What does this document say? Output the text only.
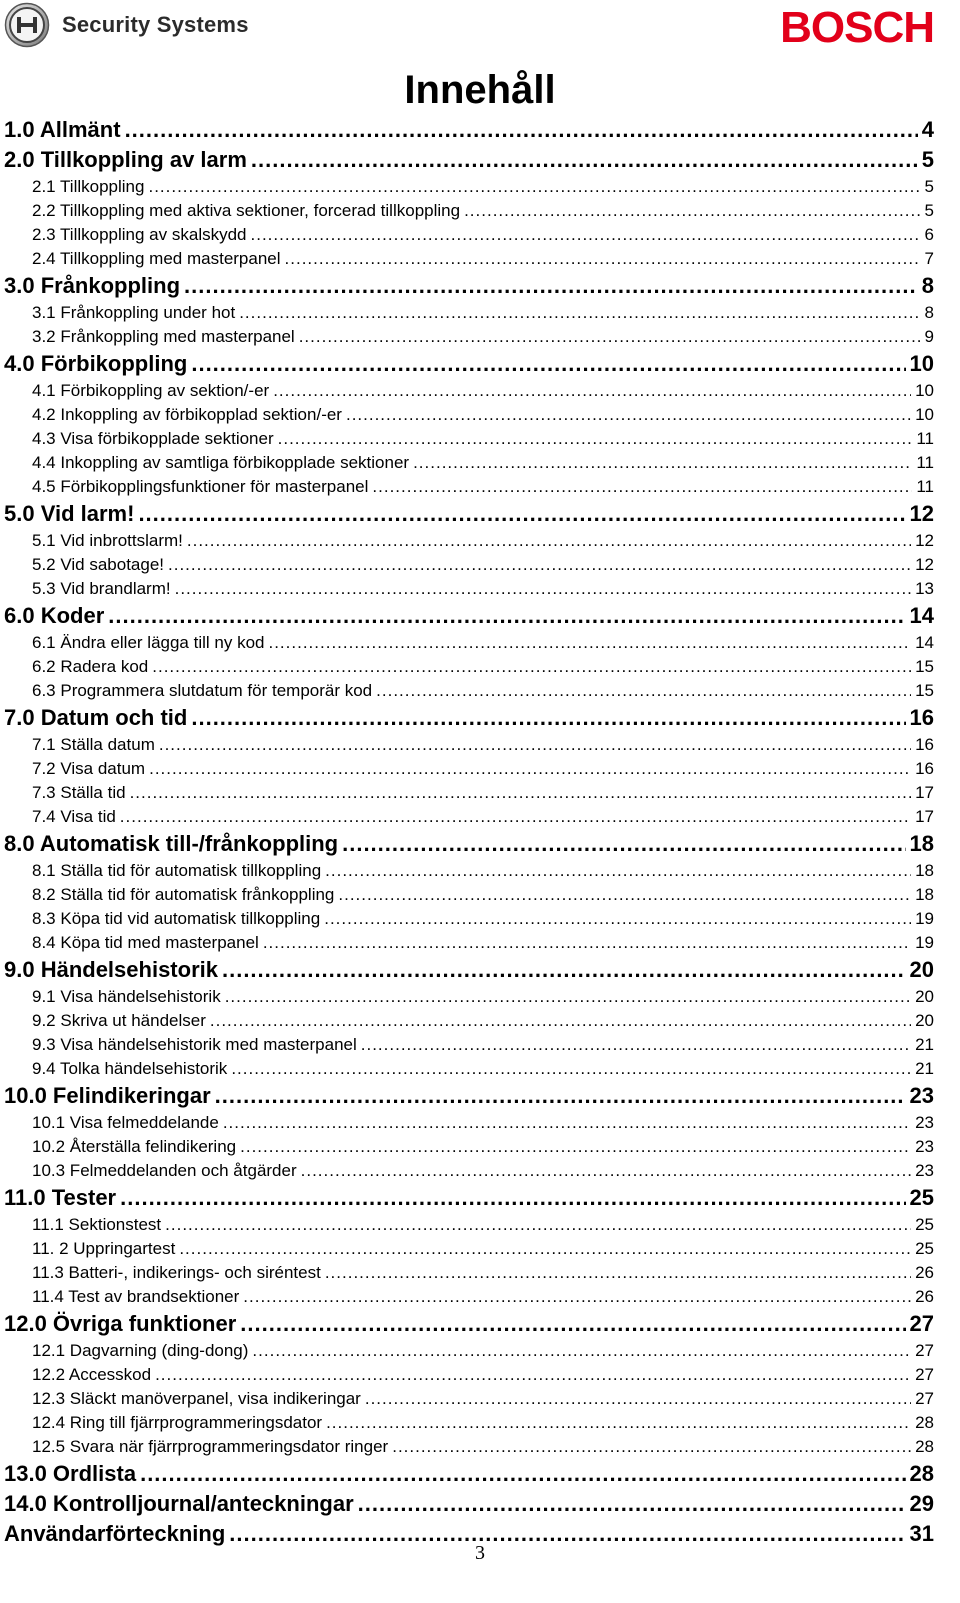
Security Systems	BOSCH
Innehåll
1.0 Allmänt .....	4
2.0 Tillkoppling av larm .....	5
2.1 Tillkoppling .....	5
2.2 Tillkoppling med aktiva sektioner, forcerad tillkoppling .....	5
2.3 Tillkoppling av skalskydd .....	6
2.4 Tillkoppling med masterpanel .....	7
3.0 Frånkoppling .....	8
3.1 Frånkoppling under hot .....	8
3.2 Frånkoppling med masterpanel .....	9
4.0 Förbikoppling .....	10
4.1 Förbikoppling av sektion/-er .....	10
4.2 Inkoppling av förbikopplad sektion/-er .....	10
4.3 Visa förbikopplade sektioner .....	11
4.4 Inkoppling av samtliga förbikopplade sektioner .....	11
4.5 Förbikopplingsfunktioner för masterpanel .....	11
5.0 Vid larm! .....	12
5.1 Vid inbrottslarm! .....	12
5.2 Vid sabotage! .....	12
5.3 Vid brandlarm! .....	13
6.0 Koder .....	14
6.1 Ändra eller lägga till ny kod .....	14
6.2 Radera kod .....	15
6.3 Programmera slutdatum för temporär kod .....	15
7.0 Datum och tid .....	16
7.1 Ställa datum .....	16
7.2 Visa datum .....	16
7.3 Ställa tid .....	17
7.4 Visa tid .....	17
8.0 Automatisk till-/frånkoppling .....	18
8.1 Ställa tid för automatisk tillkoppling .....	18
8.2 Ställa tid för automatisk frånkoppling .....	18
8.3 Köpa tid vid automatisk tillkoppling .....	19
8.4 Köpa tid med masterpanel .....	19
9.0 Händelsehistorik .....	20
9.1 Visa händelsehistorik .....	20
9.2 Skriva ut händelser .....	20
9.3 Visa händelsehistorik med masterpanel .....	21
9.4 Tolka händelsehistorik .....	21
10.0 Felindikeringar .....	23
10.1 Visa felmeddelande .....	23
10.2 Återställa felindikering .....	23
10.3 Felmeddelanden och åtgärder .....	23
11.0 Tester .....	25
11.1 Sektionstest .....	25
11. 2 Uppringartest .....	25
11.3 Batteri-, indikerings- och siréntest .....	26
11.4 Test av brandsektioner .....	26
12.0 Övriga funktioner .....	27
12.1 Dagvarning (ding-dong) .....	27
12.2 Accesskod .....	27
12.3 Släckt manöverpanel, visa indikeringar .....	27
12.4 Ring till fjärrprogrammeringsdator .....	28
12.5 Svara när fjärrprogrammeringsdator ringer .....	28
13.0 Ordlista .....	28
14.0 Kontrolljournal/anteckningar .....	29
Användarförteckning .....	31
3
